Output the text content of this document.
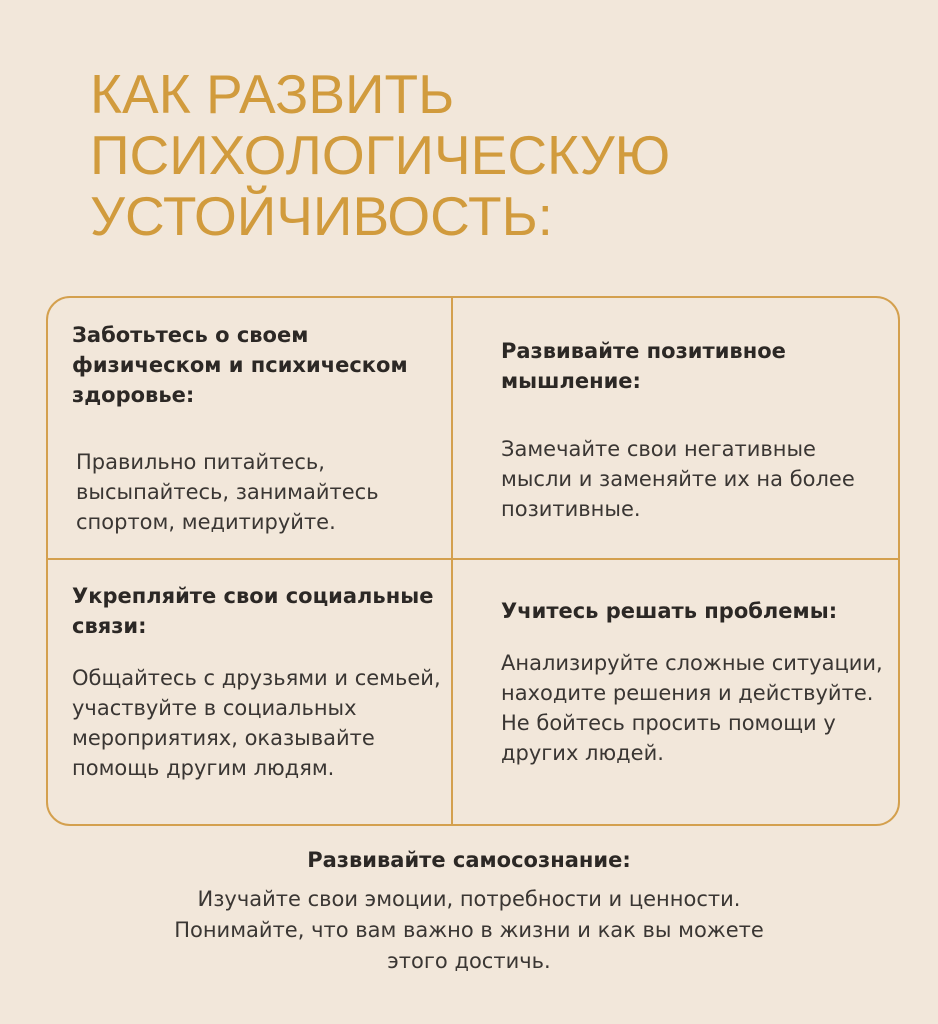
КАК РАЗВИТЬ
ПСИХОЛОГИЧЕСКУЮ
УСТОЙЧИВОСТЬ:
Заботьтесь о своем физическом и психическом здоровье:

Правильно питайтесь, высыпайтесь, занимайтесь спортом, медитируйте.

Развивайте позитивное мышление:

Замечайте свои негативные мысли и заменяйте их на более позитивные.

Укрепляйте свои социальные связи:

Общайтесь с друзьями и семьей, участвуйте в социальных мероприятиях, оказывайте помощь другим людям.

Учитесь решать проблемы:

Анализируйте сложные ситуации, находите решения и действуйте. Не бойтесь просить помощи у других людей.

Развивайте самосознание:

Изучайте свои эмоции, потребности и ценности. Понимайте, что вам важно в жизни и как вы можете этого достичь.
